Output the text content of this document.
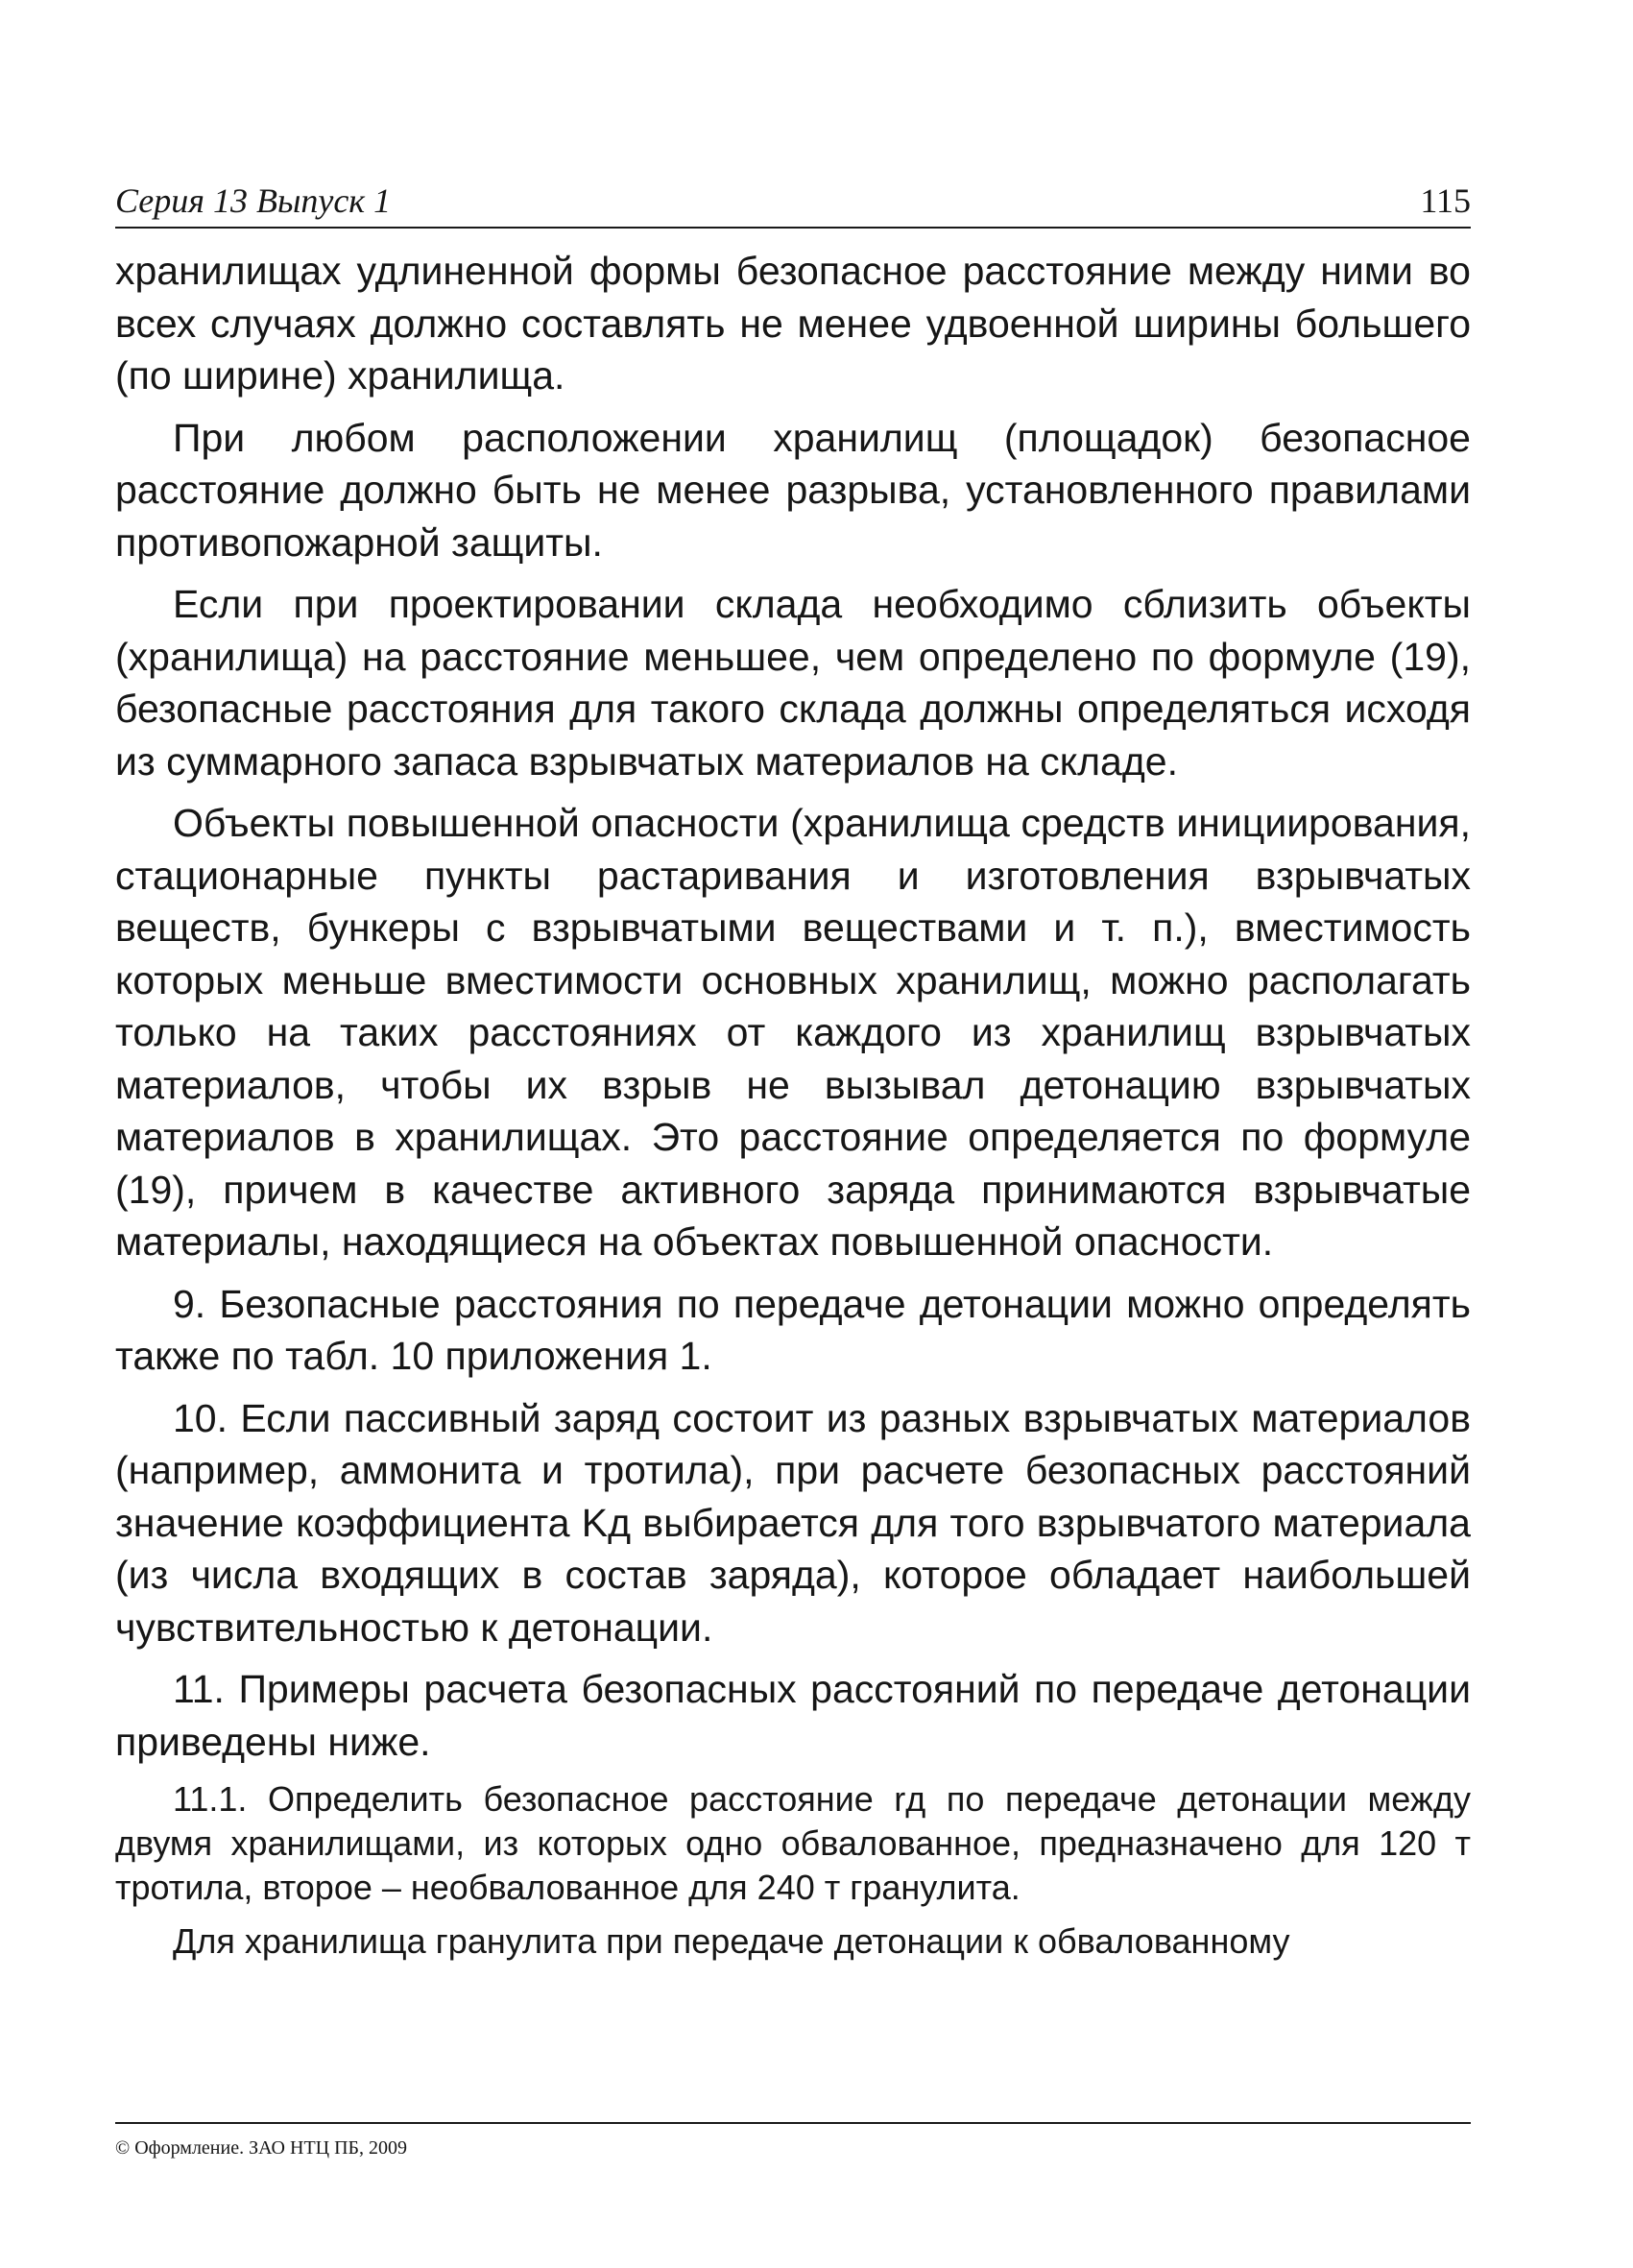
Серия 13 Выпуск 1	115

хранилищах удлиненной формы безопасное расстояние между ними во всех случаях должно составлять не менее удвоенной ширины большего (по ширине) хранилища.

При любом расположении хранилищ (площадок) безопасное расстояние должно быть не менее разрыва, установленного правилами противопожарной защиты.

Если при проектировании склада необходимо сблизить объекты (хранилища) на расстояние меньшее, чем определено по формуле (19), безопасные расстояния для такого склада должны определяться исходя из суммарного запаса взрывчатых материалов на складе.

Объекты повышенной опасности (хранилища средств инициирования, стационарные пункты растаривания и изготовления взрывчатых веществ, бункеры с взрывчатыми веществами и т. п.), вместимость которых меньше вместимости основных хранилищ, можно располагать только на таких расстояниях от каждого из хранилищ взрывчатых материалов, чтобы их взрыв не вызывал детонацию взрывчатых материалов в хранилищах. Это расстояние определяется по формуле (19), причем в качестве активного заряда принимаются взрывчатые материалы, находящиеся на объектах повышенной опасности.

9. Безопасные расстояния по передаче детонации можно определять также по табл. 10 приложения 1.

10. Если пассивный заряд состоит из разных взрывчатых материалов (например, аммонита и тротила), при расчете безопасных расстояний значение коэффициента Kд выбирается для того взрывчатого материала (из числа входящих в состав заряда), которое обладает наибольшей чувствительностью к детонации.

11. Примеры расчета безопасных расстояний по передаче детонации приведены ниже.

11.1. Определить безопасное расстояние rд по передаче детонации между двумя хранилищами, из которых одно обвалованное, предназначено для 120 т тротила, второе – необвалованное для 240 т гранулита.

Для хранилища гранулита при передаче детонации к обвалованному

© Оформление. ЗАО НТЦ ПБ, 2009
